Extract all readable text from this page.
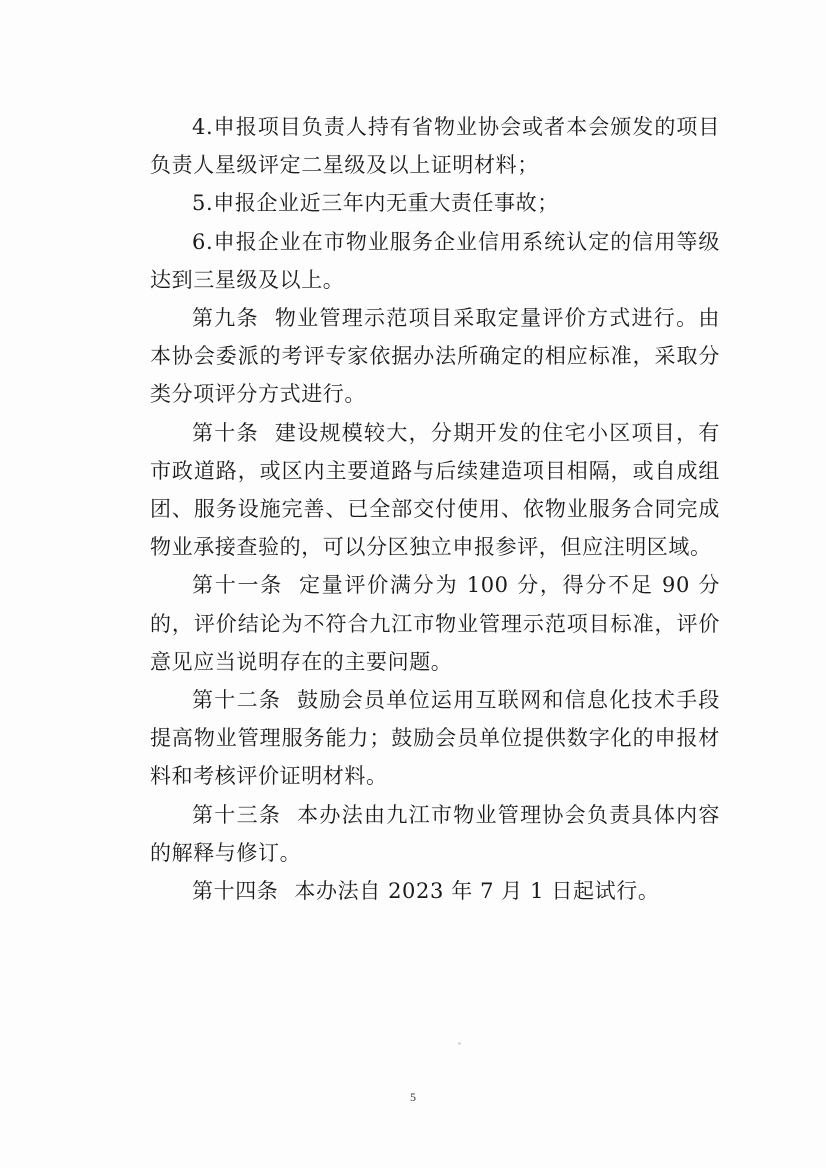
4.申报项目负责人持有省物业协会或者本会颁发的项目负责人星级评定二星级及以上证明材料；

5.申报企业近三年内无重大责任事故；

6.申报企业在市物业服务企业信用系统认定的信用等级达到三星级及以上。

第九条 物业管理示范项目采取定量评价方式进行。由本协会委派的考评专家依据办法所确定的相应标准，采取分类分项评分方式进行。

第十条 建设规模较大，分期开发的住宅小区项目，有市政道路，或区内主要道路与后续建造项目相隔，或自成组团、服务设施完善、已全部交付使用、依物业服务合同完成物业承接查验的，可以分区独立申报参评，但应注明区域。

第十一条 定量评价满分为 100 分，得分不足 90 分的，评价结论为不符合九江市物业管理示范项目标准，评价意见应当说明存在的主要问题。

第十二条 鼓励会员单位运用互联网和信息化技术手段提高物业管理服务能力；鼓励会员单位提供数字化的申报材料和考核评价证明材料。

第十三条 本办法由九江市物业管理协会负责具体内容的解释与修订。

第十四条 本办法自 2023 年 7 月 1 日起试行。

5
